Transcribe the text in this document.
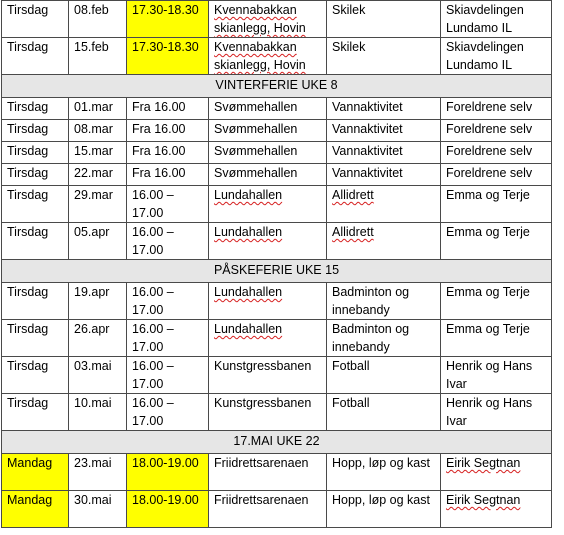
Tirsdag	08.feb	17.30-18.30	Kvennabakkan skianlegg, Hovin	Skilek	Skiavdelingen Lundamo IL
Tirsdag	15.feb	17.30-18.30	Kvennabakkan skianlegg, Hovin	Skilek	Skiavdelingen Lundamo IL
VINTERFERIE UKE 8					
Tirsdag	01.mar	Fra 16.00	Svømmehallen	Vannaktivitet	Foreldrene selv
Tirsdag	08.mar	Fra 16.00	Svømmehallen	Vannaktivitet	Foreldrene selv
Tirsdag	15.mar	Fra 16.00	Svømmehallen	Vannaktivitet	Foreldrene selv
Tirsdag	22.mar	Fra 16.00	Svømmehallen	Vannaktivitet	Foreldrene selv
Tirsdag	29.mar	16.00 – 17.00	Lundahallen	Allidrett	Emma og Terje
Tirsdag	05.apr	16.00 – 17.00	Lundahallen	Allidrett	Emma og Terje
PÅSKEFERIE UKE 15					
Tirsdag	19.apr	16.00 – 17.00	Lundahallen	Badminton og innebandy	Emma og Terje
Tirsdag	26.apr	16.00 – 17.00	Lundahallen	Badminton og innebandy	Emma og Terje
Tirsdag	03.mai	16.00 – 17.00	Kunstgressbanen	Fotball	Henrik og Hans Ivar
Tirsdag	10.mai	16.00 – 17.00	Kunstgressbanen	Fotball	Henrik og Hans Ivar
17.MAI UKE 22					
Mandag	23.mai	18.00-19.00	Friidrettsarenaen	Hopp, løp og kast	Eirik Segtnan
Mandag	30.mai	18.00-19.00	Friidrettsarenaen	Hopp, løp og kast	Eirik Segtnan
